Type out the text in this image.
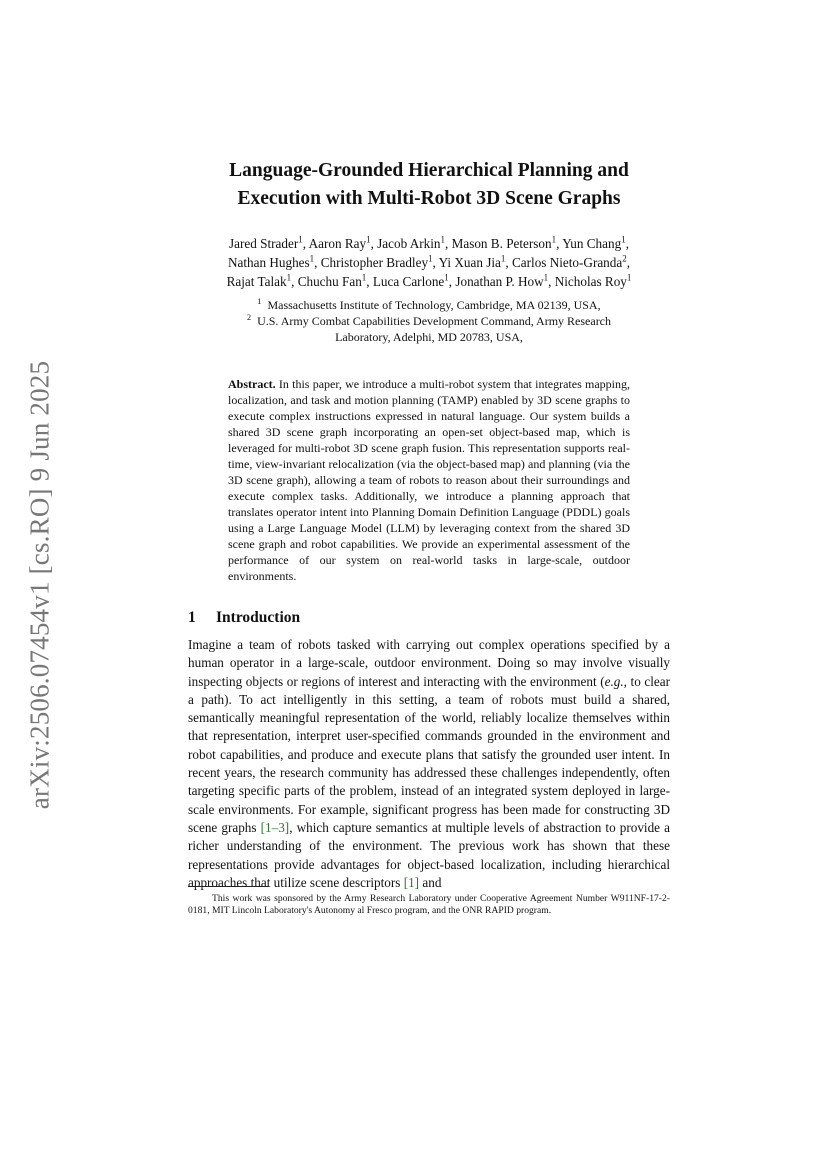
arXiv:2506.07454v1 [cs.RO] 9 Jun 2025
Language-Grounded Hierarchical Planning and
Execution with Multi-Robot 3D Scene Graphs
Jared Strader$^1$, Aaron Ray$^1$, Jacob Arkin$^1$, Mason B. Peterson$^1$, Yun Chang$^1$,
Nathan Hughes$^1$, Christopher Bradley$^1$, Yi Xuan Jia$^1$, Carlos Nieto-Granda$^2$,
Rajat Talak$^1$, Chuchu Fan$^1$, Luca Carlone$^1$, Jonathan P. How$^1$, Nicholas Roy$^1$
$^1$ Massachusetts Institute of Technology, Cambridge, MA 02139, USA,
$^2$ U.S. Army Combat Capabilities Development Command, Army Research
Laboratory, Adelphi, MD 20783, USA,
Abstract. In this paper, we introduce a multi-robot system that integrates mapping, localization, and task and motion planning (TAMP) enabled by 3D scene graphs to execute complex instructions expressed in natural language. Our system builds a shared 3D scene graph incorporating an open-set object-based map, which is leveraged for multi-robot 3D scene graph fusion. This representation supports real-time, view-invariant relocalization (via the object-based map) and planning (via the 3D scene graph), allowing a team of robots to reason about their surroundings and execute complex tasks. Additionally, we introduce a planning approach that translates operator intent into Planning Domain Definition Language (PDDL) goals using a Large Language Model (LLM) by leveraging context from the shared 3D scene graph and robot capabilities. We provide an experimental assessment of the performance of our system on real-world tasks in large-scale, outdoor environments.
1 Introduction
Imagine a team of robots tasked with carrying out complex operations specified by a human operator in a large-scale, outdoor environment. Doing so may involve visually inspecting objects or regions of interest and interacting with the environment (e.g., to clear a path). To act intelligently in this setting, a team of robots must build a shared, semantically meaningful representation of the world, reliably localize themselves within that representation, interpret user-specified commands grounded in the environment and robot capabilities, and produce and execute plans that satisfy the grounded user intent. In recent years, the research community has addressed these challenges independently, often targeting specific parts of the problem, instead of an integrated system deployed in large-scale environments. For example, significant progress has been made for constructing 3D scene graphs [1–3], which capture semantics at multiple levels of abstraction to provide a richer understanding of the environment. The previous work has shown that these representations provide advantages for object-based localization, including hierarchical approaches that utilize scene descriptors [1] and
This work was sponsored by the Army Research Laboratory under Cooperative Agreement Number W911NF-17-2-0181, MIT Lincoln Laboratory's Autonomy al Fresco program, and the ONR RAPID program.
